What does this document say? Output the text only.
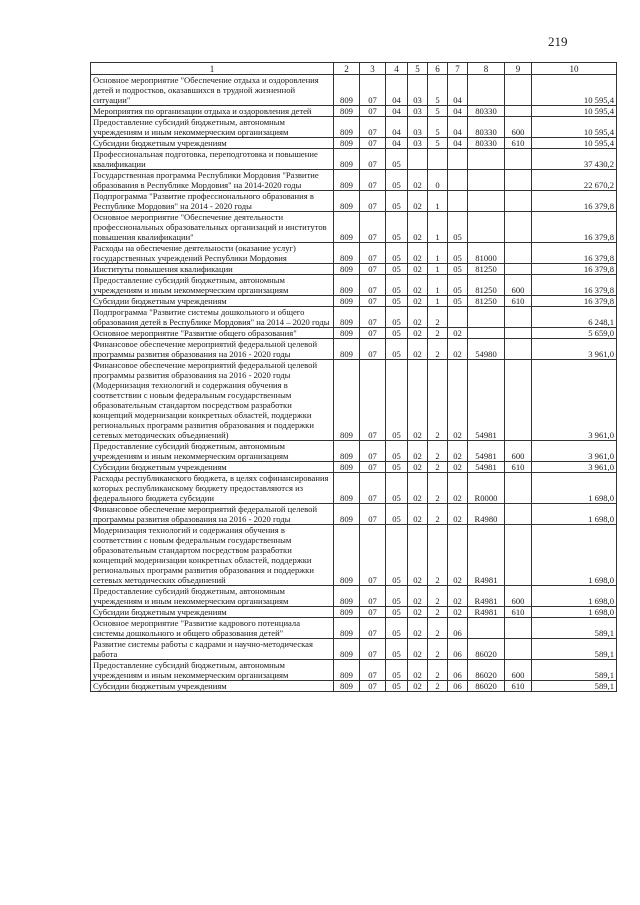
219
1	2	3	4	5	6	7	8	9	10
Основное мероприятие "Обеспечение отдыха и оздоровления детей и подростков, оказавшихся в трудной жизненной ситуации"	809	07	04	03	5	04			10 595,4
Мероприятия по организации отдыха и оздоровления детей	809	07	04	03	5	04	80330		10 595,4
Предоставление субсидий бюджетным, автономным учреждениям и иным некоммерческим организациям	809	07	04	03	5	04	80330	600	10 595,4
Субсидии бюджетным учреждениям	809	07	04	03	5	04	80330	610	10 595,4
Профессиональная подготовка, переподготовка и повышение квалификации	809	07	05						37 430,2
Государственная программа Республики Мордовия "Развитие образования в Республике Мордовия" на 2014-2020 годы	809	07	05	02	0				22 670,2
Подпрограмма "Развитие профессионального образования в Республике Мордовия" на 2014 - 2020 годы	809	07	05	02	1				16 379,8
Основное мероприятие "Обеспечение деятельности профессиональных образовательных организаций и институтов повышения квалификации"	809	07	05	02	1	05			16 379,8
Расходы на обеспечение деятельности (оказание услуг) государственных учреждений Республики Мордовия	809	07	05	02	1	05	81000		16 379,8
Институты повышения квалификации	809	07	05	02	1	05	81250		16 379,8
Предоставление субсидий бюджетным, автономным учреждениям и иным некоммерческим организациям	809	07	05	02	1	05	81250	600	16 379,8
Субсидии бюджетным учреждениям	809	07	05	02	1	05	81250	610	16 379,8
Подпрограмма "Развитие системы дошкольного и общего образования детей в Республике Мордовия" на 2014 – 2020 годы	809	07	05	02	2				6 248,1
Основное мероприятие "Развитие общего образования"	809	07	05	02	2	02			5 659,0
Финансовое обеспечение мероприятий федеральной целевой программы развития образования на 2016 - 2020 годы	809	07	05	02	2	02	54980		3 961,0
Финансовое обеспечение мероприятий федеральной целевой программы развития образования на 2016 - 2020 годы (Модернизация технологий и содержания обучения в соответствии с новым федеральным государственным образовательным стандартом посредством разработки концепций модернизации конкретных областей, поддержки региональных программ развития образования и поддержки сетевых методических объединений)	809	07	05	02	2	02	54981		3 961,0
Предоставление субсидий бюджетным, автономным учреждениям и иным некоммерческим организациям	809	07	05	02	2	02	54981	600	3 961,0
Субсидии бюджетным учреждениям	809	07	05	02	2	02	54981	610	3 961,0
Расходы республиканского бюджета, в целях софинансирования которых республиканскому бюджету предоставляются из федерального бюджета субсидии	809	07	05	02	2	02	R0000		1 698,0
Финансовое обеспечение мероприятий федеральной целевой программы развития образования на 2016 - 2020 годы	809	07	05	02	2	02	R4980		1 698,0
Модернизация технологий и содержания обучения в соответствии с новым федеральным государственным образовательным стандартом посредством разработки концепций модернизации конкретных областей, поддержки региональных программ развития образования и поддержки сетевых методических объединений	809	07	05	02	2	02	R4981		1 698,0
Предоставление субсидий бюджетным, автономным учреждениям и иным некоммерческим организациям	809	07	05	02	2	02	R4981	600	1 698,0
Субсидии бюджетным учреждениям	809	07	05	02	2	02	R4981	610	1 698,0
Основное мероприятие "Развитие кадрового потенциала системы дошкольного и общего образования детей"	809	07	05	02	2	06			589,1
Развитие системы работы с кадрами и научно-методическая работа	809	07	05	02	2	06	86020		589,1
Предоставление субсидий бюджетным, автономным учреждениям и иным некоммерческим организациям	809	07	05	02	2	06	86020	600	589,1
Субсидии бюджетным учреждениям	809	07	05	02	2	06	86020	610	589,1
